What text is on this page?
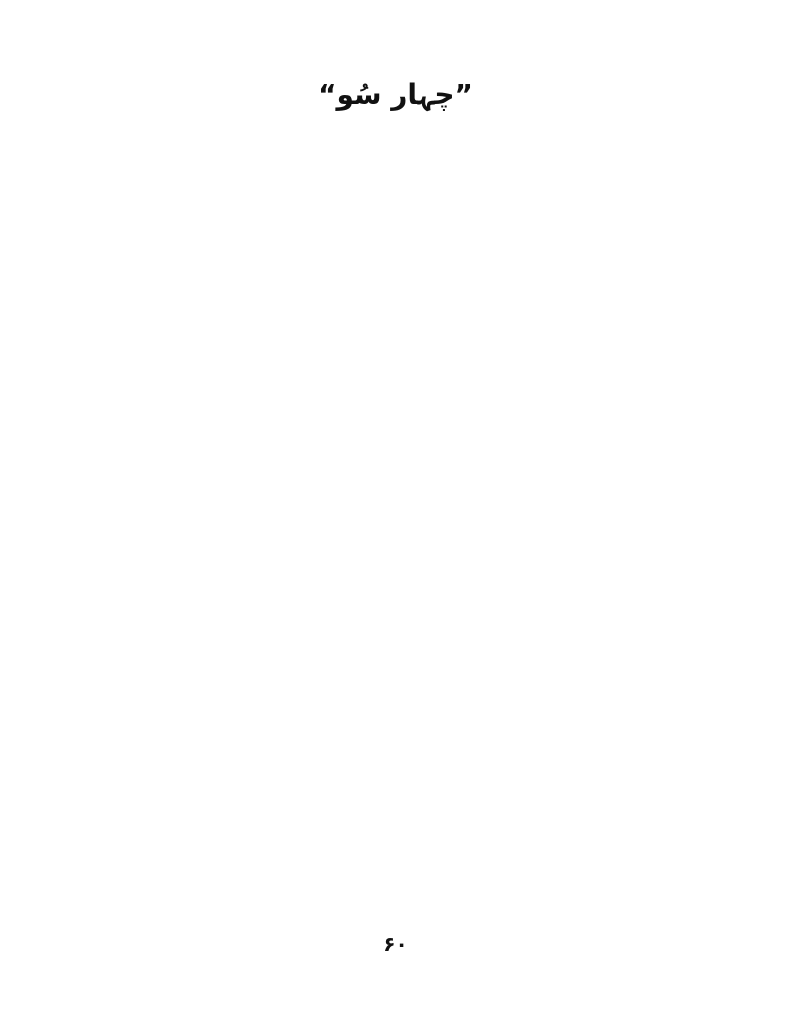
”چہار سُو“

۶۰
